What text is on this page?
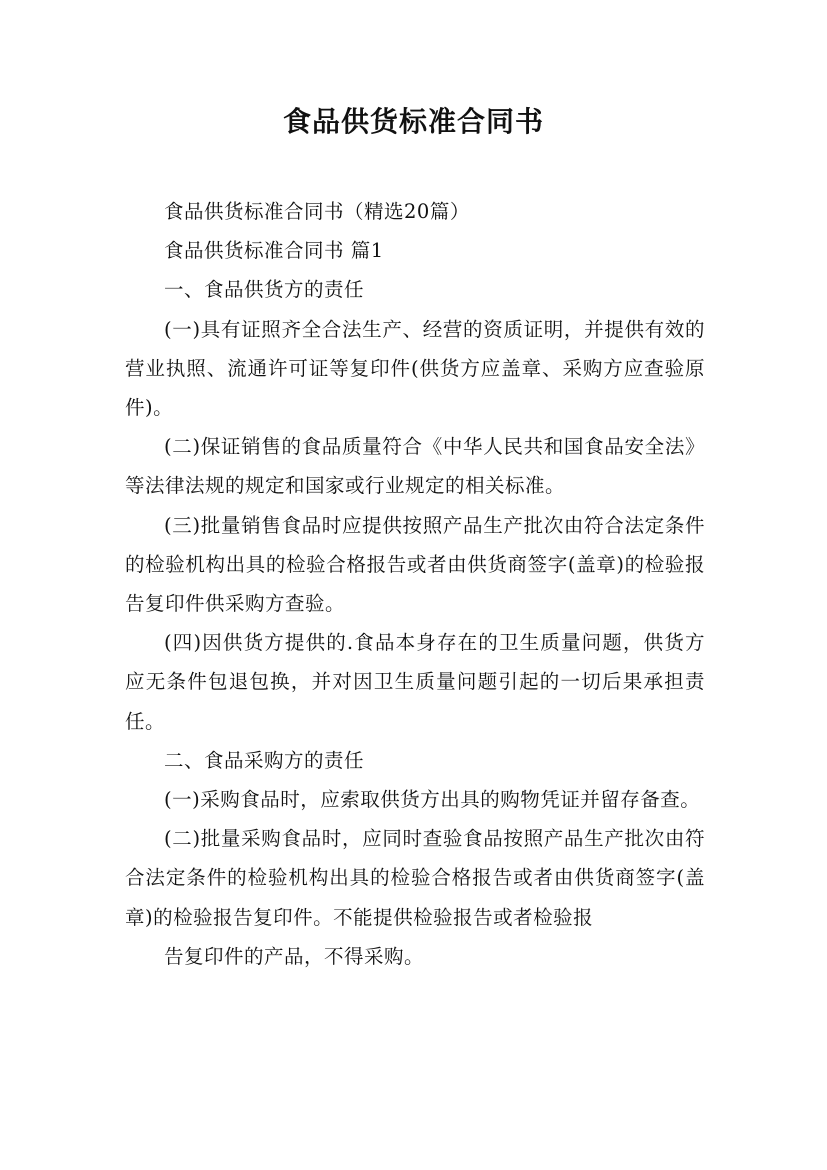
食品供货标准合同书

食品供货标准合同书（精选20篇）

食品供货标准合同书 篇1

一、食品供货方的责任

(一)具有证照齐全合法生产、经营的资质证明，并提供有效的营业执照、流通许可证等复印件(供货方应盖章、采购方应查验原件)。

(二)保证销售的食品质量符合《中华人民共和国食品安全法》等法律法规的规定和国家或行业规定的相关标准。

(三)批量销售食品时应提供按照产品生产批次由符合法定条件的检验机构出具的检验合格报告或者由供货商签字(盖章)的检验报告复印件供采购方查验。

(四)因供货方提供的.食品本身存在的卫生质量问题，供货方应无条件包退包换，并对因卫生质量问题引起的一切后果承担责任。

二、食品采购方的责任

(一)采购食品时，应索取供货方出具的购物凭证并留存备查。

(二)批量采购食品时，应同时查验食品按照产品生产批次由符合法定条件的检验机构出具的检验合格报告或者由供货商签字(盖章)的检验报告复印件。不能提供检验报告或者检验报

告复印件的产品，不得采购。
